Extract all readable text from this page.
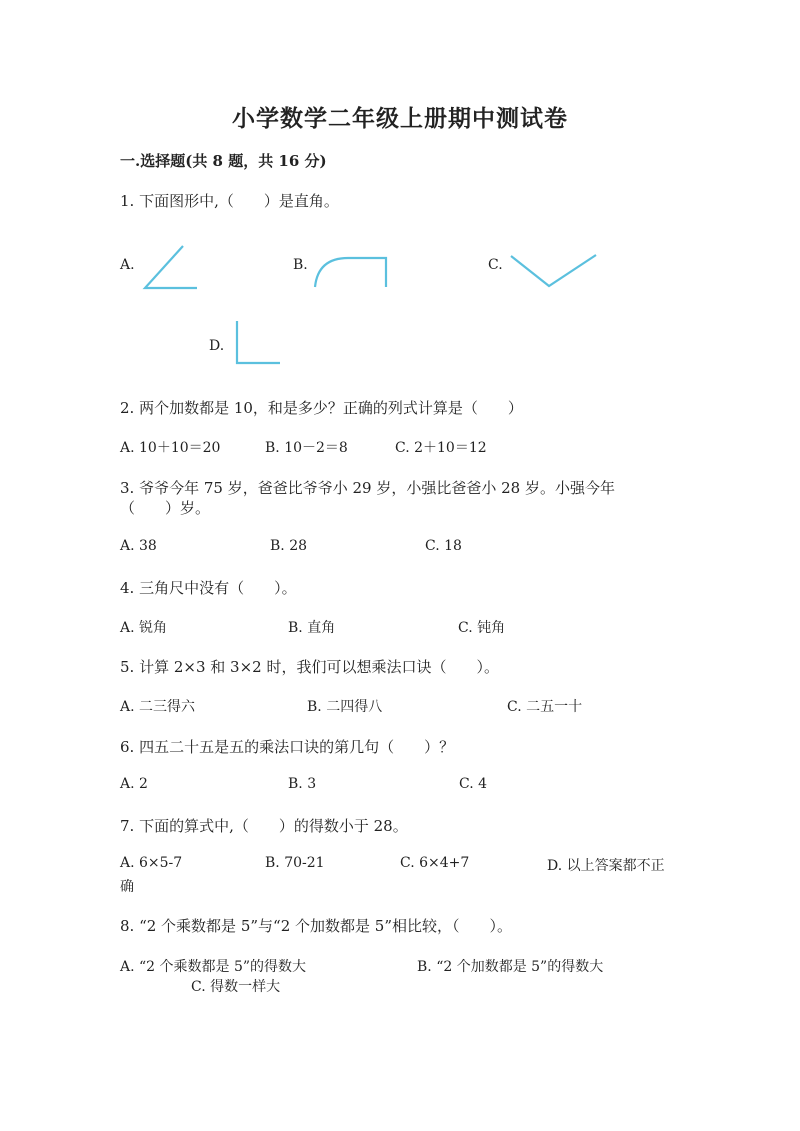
小学数学二年级上册期中测试卷
一.选择题(共 8 题，共 16 分)
1. 下面图形中,（　　）是直角。
A.	B.	C.
D.
2. 两个加数都是 10，和是多少？正确的列式计算是（　　）
A. 10＋10＝20	B. 10－2＝8	C. 2＋10＝12
3. 爷爷今年 75 岁，爸爸比爷爷小 29 岁，小强比爸爸小 28 岁。小强今年
（　　）岁。
A. 38	B. 28	C. 18
4. 三角尺中没有（　　）。
A. 锐角	B. 直角	C. 钝角
5. 计算 2×3 和 3×2 时，我们可以想乘法口诀（　　）。
A. 二三得六	B. 二四得八	C. 二五一十
6. 四五二十五是五的乘法口诀的第几句（　　）？
A. 2	B. 3	C. 4
7. 下面的算式中,（　　）的得数小于 28。
A. 6×5-7	B. 70-21	C. 6×4+7	D. 以上答案都不正
确
8. “2 个乘数都是 5”与“2 个加数都是 5”相比较，（　　）。
A. “2 个乘数都是 5”的得数大	B. “2 个加数都是 5”的得数大
C. 得数一样大
